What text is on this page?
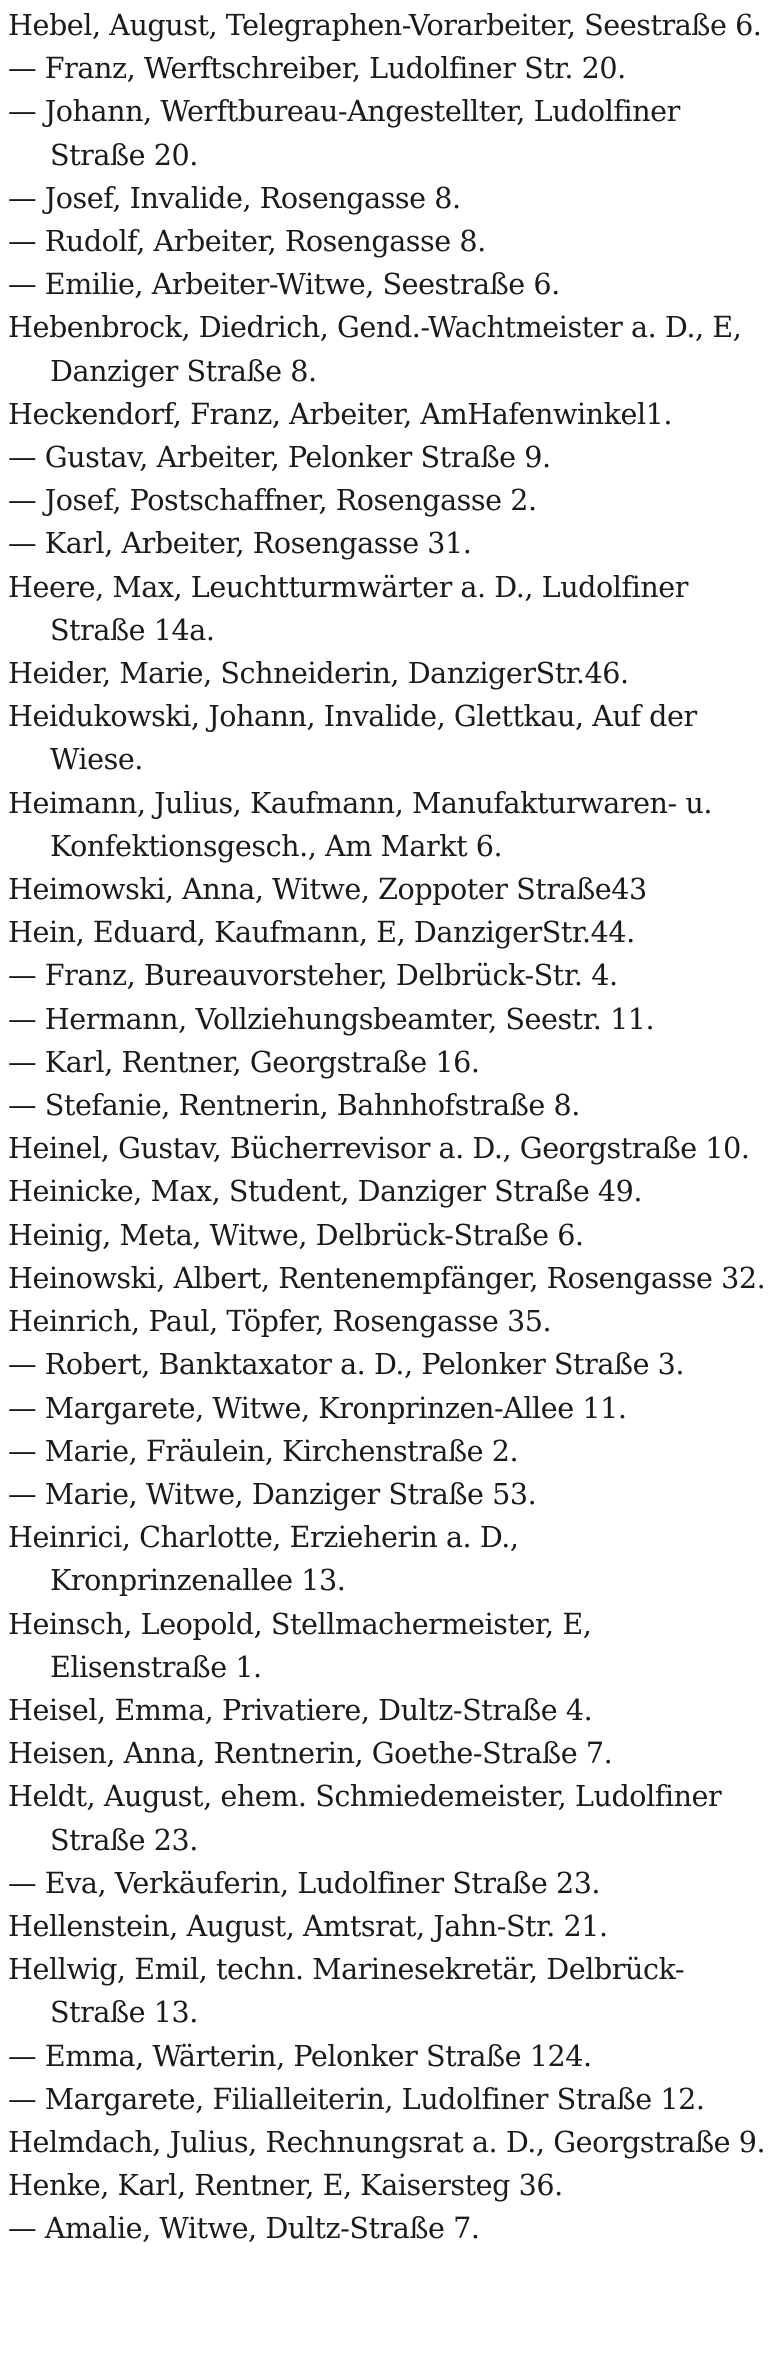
Hebel, August, Telegraphen-Vorarbeiter, Seestraße 6.
— Franz, Werftschreiber, Ludolfiner Str. 20.
— Johann, Werftbureau-Angestellter, Ludolfiner Straße 20.
— Josef, Invalide, Rosengasse 8.
— Rudolf, Arbeiter, Rosengasse 8.
— Emilie, Arbeiter-Witwe, Seestraße 6.
Hebenbrock, Diedrich, Gend.-Wachtmeister a. D., E, Danziger Straße 8.
Heckendorf, Franz, Arbeiter, AmHafenwinkel1.
— Gustav, Arbeiter, Pelonker Straße 9.
— Josef, Postschaffner, Rosengasse 2.
— Karl, Arbeiter, Rosengasse 31.
Heere, Max, Leuchtturmwärter a. D., Ludolfiner Straße 14a.
Heider, Marie, Schneiderin, DanzigerStr.46.
Heidukowski, Johann, Invalide, Glettkau, Auf der Wiese.
Heimann, Julius, Kaufmann, Manufakturwaren- u. Konfektionsgesch., Am Markt 6.
Heimowski, Anna, Witwe, Zoppoter Straße43
Hein, Eduard, Kaufmann, E, DanzigerStr.44.
— Franz, Bureauvorsteher, Delbrück-Str. 4.
— Hermann, Vollziehungsbeamter, Seestr. 11.
— Karl, Rentner, Georgstraße 16.
— Stefanie, Rentnerin, Bahnhofstraße 8.
Heinel, Gustav, Bücherrevisor a. D., Georgstraße 10.
Heinicke, Max, Student, Danziger Straße 49.
Heinig, Meta, Witwe, Delbrück-Straße 6.
Heinowski, Albert, Rentenempfänger, Rosengasse 32.
Heinrich, Paul, Töpfer, Rosengasse 35.
— Robert, Banktaxator a. D., Pelonker Straße 3.
— Margarete, Witwe, Kronprinzen-Allee 11.
— Marie, Fräulein, Kirchenstraße 2.
— Marie, Witwe, Danziger Straße 53.
Heinrici, Charlotte, Erzieherin a. D., Kronprinzenallee 13.
Heinsch, Leopold, Stellmachermeister, E, Elisenstraße 1.
Heisel, Emma, Privatiere, Dultz-Straße 4.
Heisen, Anna, Rentnerin, Goethe-Straße 7.
Heldt, August, ehem. Schmiedemeister, Ludolfiner Straße 23.
— Eva, Verkäuferin, Ludolfiner Straße 23.
Hellenstein, August, Amtsrat, Jahn-Str. 21.
Hellwig, Emil, techn. Marinesekretär, Delbrück-Straße 13.
— Emma, Wärterin, Pelonker Straße 124.
— Margarete, Filialleiterin, Ludolfiner Straße 12.
Helmdach, Julius, Rechnungsrat a. D., Georgstraße 9.
Henke, Karl, Rentner, E, Kaisersteg 36.
— Amalie, Witwe, Dultz-Straße 7.
